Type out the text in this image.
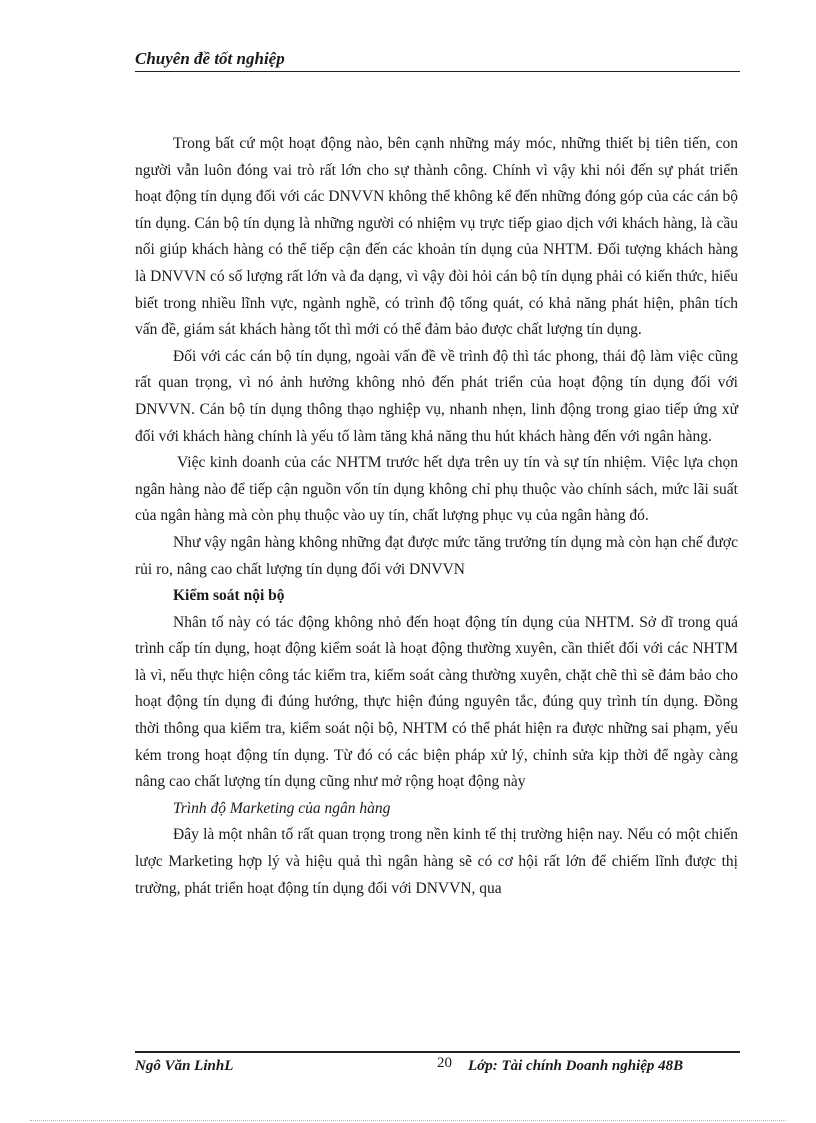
Chuyên đề tốt nghiệp

Trong bất cứ một hoạt động nào, bên cạnh những máy móc, những thiết bị tiên tiến, con người vẫn luôn đóng vai trò rất lớn cho sự thành công. Chính vì vậy khi nói đến sự phát triển hoạt động tín dụng đối với các DNVVN không thể không kể đến những đóng góp của các cán bộ tín dụng. Cán bộ tín dụng là những người có nhiệm vụ trực tiếp giao dịch với khách hàng, là cầu nối giúp khách hàng có thể tiếp cận đến các khoản tín dụng của NHTM. Đối tượng khách hàng là DNVVN có số lượng rất lớn và đa dạng, vì vậy đòi hỏi cán bộ tín dụng phải có kiến thức, hiểu biết trong nhiều lĩnh vực, ngành nghề, có trình độ tổng quát, có khả năng phát hiện, phân tích vấn đề, giám sát khách hàng tốt thì mới có thể đảm bảo được chất lượng tín dụng.

Đối với các cán bộ tín dụng, ngoài vấn đề về trình độ thì tác phong, thái độ làm việc cũng rất quan trọng, vì nó ảnh hưởng không nhỏ đến phát triển của hoạt động tín dụng đối với DNVVN. Cán bộ tín dụng thông thạo nghiệp vụ, nhanh nhẹn, linh động trong giao tiếp ứng xử đối với khách hàng chính là yếu tố làm tăng khả năng thu hút khách hàng đến với ngân hàng.

Việc kinh doanh của các NHTM trước hết dựa trên uy tín và sự tín nhiệm. Việc lựa chọn ngân hàng nào để tiếp cận nguồn vốn tín dụng không chỉ phụ thuộc vào chính sách, mức lãi suất của ngân hàng mà còn phụ thuộc vào uy tín, chất lượng phục vụ của ngân hàng đó.

Như vậy ngân hàng không những đạt được mức tăng trưởng tín dụng mà còn hạn chế được rủi ro, nâng cao chất lượng tín dụng đối với DNVVN

Kiểm soát nội bộ

Nhân tố này có tác động không nhỏ đến hoạt động tín dụng của NHTM. Sở dĩ trong quá trình cấp tín dụng, hoạt động kiểm soát là hoạt động thường xuyên, cần thiết đối với các NHTM là vì, nếu thực hiện công tác kiểm tra, kiểm soát càng thường xuyên, chặt chẽ thì sẽ đảm bảo cho hoạt động tín dụng đi đúng hướng, thực hiện đúng nguyên tắc, đúng quy trình tín dụng. Đồng thời thông qua kiểm tra, kiểm soát nội bộ, NHTM có thể phát hiện ra được những sai phạm, yếu kém trong hoạt động tín dụng. Từ đó có các biện pháp xử lý, chỉnh sửa kịp thời để ngày càng nâng cao chất lượng tín dụng cũng như mở rộng hoạt động này

Trình độ Marketing của ngân hàng

Đây là một nhân tố rất quan trọng trong nền kinh tế thị trường hiện nay. Nếu có một chiến lược Marketing hợp lý và hiệu quả thì ngân hàng sẽ có cơ hội rất lớn để chiếm lĩnh được thị trường, phát triển hoạt động tín dụng đối với DNVVN, qua

Ngô Văn LinhL	20 Lớp: Tài chính Doanh nghiệp 48B
